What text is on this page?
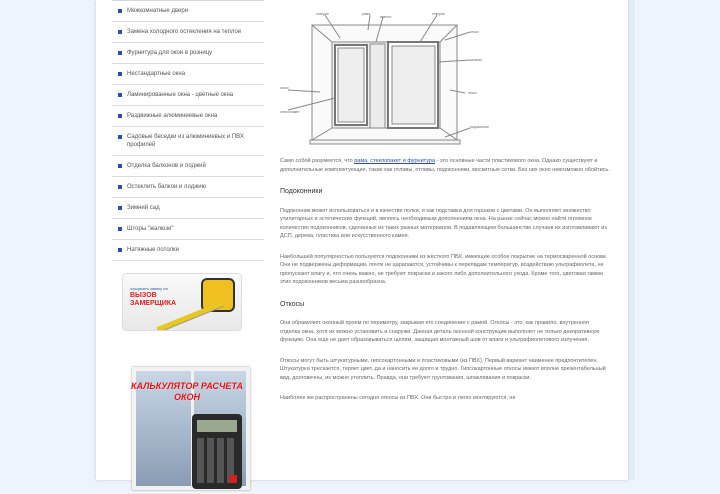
Межкомнатные двери
Замена холодного остекления на теплое
Фурнитура для окон в розницу
Нестандартные окна
Ламинированные окна - цветные окна
Раздвижные алюминиевые окна
Садовые беседки из алюминиевых и ПВХ профилей
Отделка балконов и лоджий
Остеклить балкон и лоджию
Зимний сад
Шторы "жалюзи"
Натяжные потолки
оформить заявку на
ВЫЗОВ ЗАМЕРЩИКА
КАЛЬКУЛЯТОР РАСЧЕТА ОКОН
створка	рама
импост
створка
откос
штапик
откос
откос
стеклопакет
подоконник

Само собой разумеется, что рама, стеклопакет и фурнитура - это основные части пластикового окна. Однако существуют и дополнительные комплектующие, такие как отливы, отливы, подоконники, москитные сетки. Без них окно невозможно обойтись.

Подоконники

Подоконник может использоваться и в качестве полки, и как подставка для горшков с цветами. Он выполняет множество утилитарных и эстетических функций, являясь необходимым дополнением окна. На рынке сейчас можно найти огромное количество подоконников, сделанных из таких разных материалов. В подавляющем большинстве случаев их изготавливают из ДСП, дерева, пластика или искусственного камня.

Наибольшей популярностью пользуются подоконники из жёсткого ПВХ, имеющие особое покрытие на термосваренной основе. Они не подвержены деформации, почти не царапаются, устойчивы к перепадам температур, воздействию ультрафиолета, не пропускают влагу и, что очень важно, не требуют покраски и какого либо дополнительного ухода. Кроме того, цветовая гамма этих подоконников весьма разнообразна.

Откосы

Они обрамляют оконный проем по периметру, закрывая его соединение с рамой. Откосы - это, как правило, внутренняя отделка окна, хотя их можно установить и снаружи. Данная деталь оконной конструкции выполняет не только декоративную функцию. Она еще не дает образовываться щелям, защищая монтажный шов от влаги и ультрафиолетового излучения.

Откосы могут быть штукатурными, гипсокартонными и пластиковыми (из ПВХ). Первый вариант наименее предпочтителен. Штукатурка трескается, теряет цвет, да и наносить ее долго и трудно. Гипсокартонные откосы имеют вполне презентабельный вид, долговечны, их можно утеплить. Правда, они требуют грунтования, шпаклевания и покраски.

Наиболее же распространены сегодня откосы из ПВХ. Они быстро и легко монтируются, не
